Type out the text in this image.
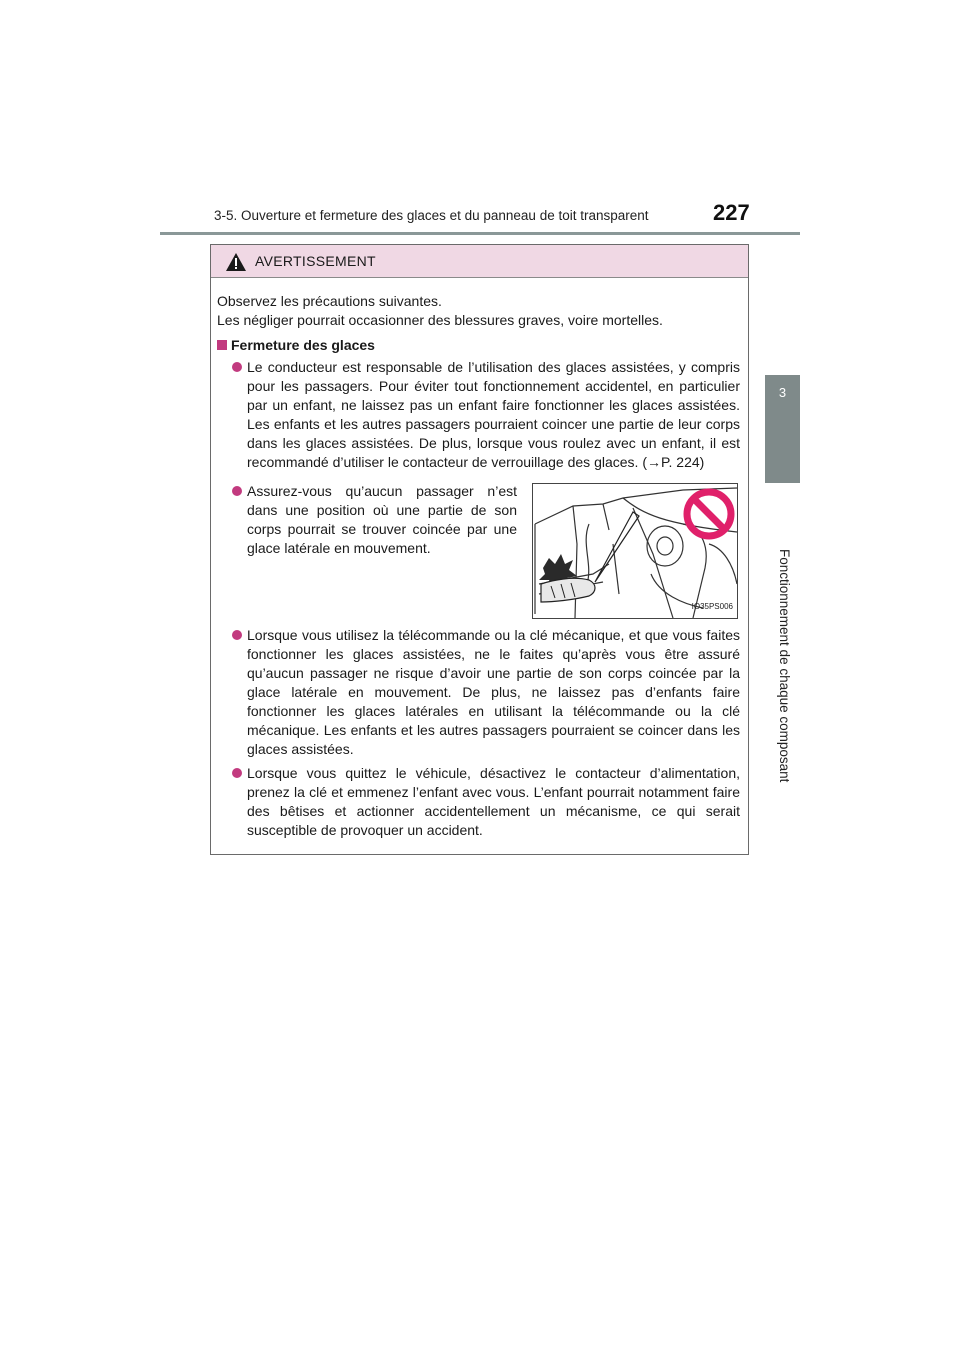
3-5. Ouverture et fermeture des glaces et du panneau de toit transparent	227
3
Fonctionnement de chaque composant
AVERTISSEMENT

Observez les précautions suivantes.

Les négliger pourrait occasionner des blessures graves, voire mortelles.

Fermeture des glaces
Le conducteur est responsable de l’utilisation des glaces assistées, y compris pour les passagers. Pour éviter tout fonctionnement accidentel, en particulier par un enfant, ne laissez pas un enfant faire fonctionner les glaces assistées. Les enfants et les autres passagers pourraient coincer une partie de leur corps dans les glaces assistées. De plus, lorsque vous roulez avec un enfant, il est recommandé d’utiliser le contacteur de verrouillage des glaces. (→P. 224)
Assurez-vous qu’aucun passager n’est dans une position où une partie de son corps pourrait se trouver coincée par une glace latérale en mouvement.
IO35PS006
Lorsque vous utilisez la télécommande ou la clé mécanique, et que vous faites fonctionner les glaces assistées, ne le faites qu’après vous être assuré qu’aucun passager ne risque d’avoir une partie de son corps coincée par la glace latérale en mouvement. De plus, ne laissez pas d’enfants faire fonctionner les glaces latérales en utilisant la télécommande ou la clé mécanique. Les enfants et les autres passagers pourraient se coincer dans les glaces assistées.
Lorsque vous quittez le véhicule, désactivez le contacteur d’alimentation, prenez la clé et emmenez l’enfant avec vous. L’enfant pourrait notamment faire des bêtises et actionner accidentellement un mécanisme, ce qui serait susceptible de provoquer un accident.
